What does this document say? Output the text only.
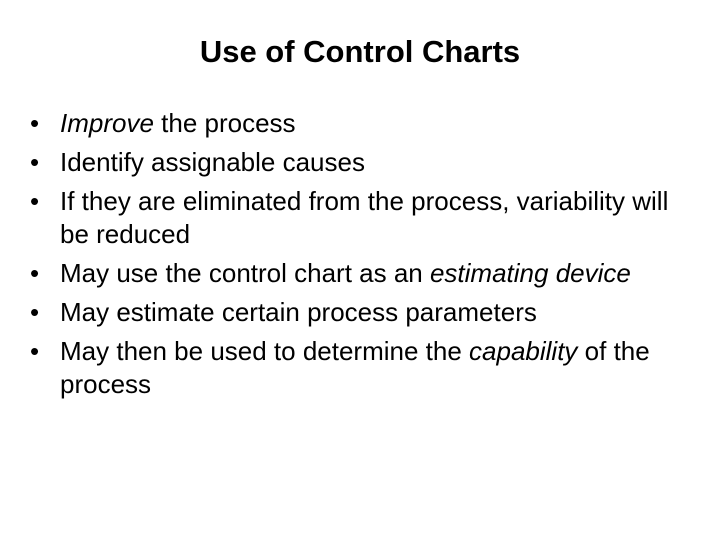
Use of Control Charts
• Improve the process
• Identify assignable causes
• If they are eliminated from the process, variability will be reduced
• May use the control chart as an estimating device
• May estimate certain process parameters
• May then be used to determine the capability of the process
